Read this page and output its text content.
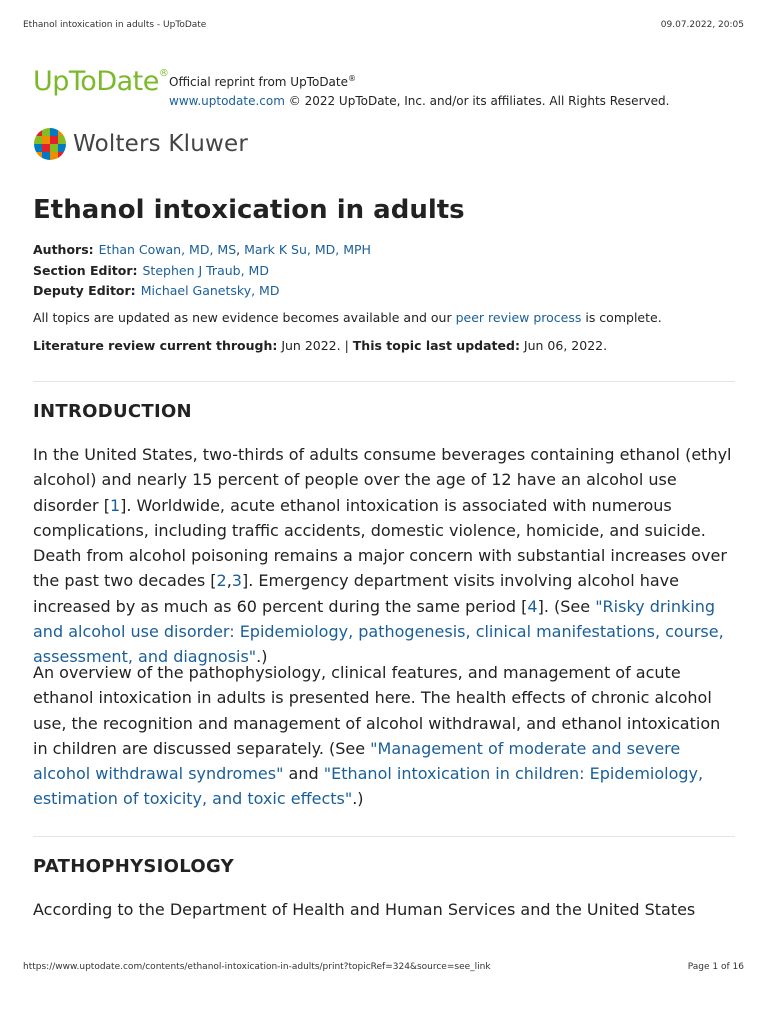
Ethanol intoxication in adults - UpToDate	09.07.2022, 20:05
UpToDate®
Official reprint from UpToDate®
www.uptodate.com © 2022 UpToDate, Inc. and/or its affiliates. All Rights Reserved.
Wolters Kluwer
Ethanol intoxication in adults
Authors: Ethan Cowan, MD, MS, Mark K Su, MD, MPH
Section Editor: Stephen J Traub, MD
Deputy Editor: Michael Ganetsky, MD
All topics are updated as new evidence becomes available and our peer review process is complete.
Literature review current through: Jun 2022. | This topic last updated: Jun 06, 2022.
INTRODUCTION

In the United States, two-thirds of adults consume beverages containing ethanol (ethyl alcohol) and nearly 15 percent of people over the age of 12 have an alcohol use disorder [1]. Worldwide, acute ethanol intoxication is associated with numerous complications, including traffic accidents, domestic violence, homicide, and suicide. Death from alcohol poisoning remains a major concern with substantial increases over the past two decades [2,3]. Emergency department visits involving alcohol have increased by as much as 60 percent during the same period [4]. (See "Risky drinking and alcohol use disorder: Epidemiology, pathogenesis, clinical manifestations, course, assessment, and diagnosis".)

An overview of the pathophysiology, clinical features, and management of acute ethanol intoxication in adults is presented here. The health effects of chronic alcohol use, the recognition and management of alcohol withdrawal, and ethanol intoxication in children are discussed separately. (See "Management of moderate and severe alcohol withdrawal syndromes" and "Ethanol intoxication in children: Epidemiology, estimation of toxicity, and toxic effects".)

PATHOPHYSIOLOGY

According to the Department of Health and Human Services and the United States

https://www.uptodate.com/contents/ethanol-intoxication-in-adults/print?topicRef=324&source=see_link	Page 1 of 16
